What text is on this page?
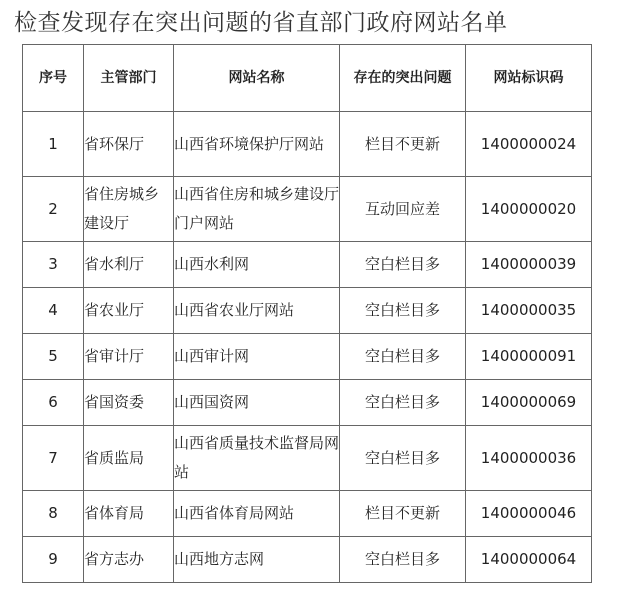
检查发现存在突出问题的省直部门政府网站名单
序号	主管部门	网站名称	存在的突出问题	网站标识码
1	省环保厅	山西省环境保护厅网站	栏目不更新	1400000024
2	省住房城乡建设厅	山西省住房和城乡建设厅门户网站	互动回应差	1400000020
3	省水利厅	山西水利网	空白栏目多	1400000039
4	省农业厅	山西省农业厅网站	空白栏目多	1400000035
5	省审计厅	山西审计网	空白栏目多	1400000091
6	省国资委	山西国资网	空白栏目多	1400000069
7	省质监局	山西省质量技术监督局网站	空白栏目多	1400000036
8	省体育局	山西省体育局网站	栏目不更新	1400000046
9	省方志办	山西地方志网	空白栏目多	1400000064
